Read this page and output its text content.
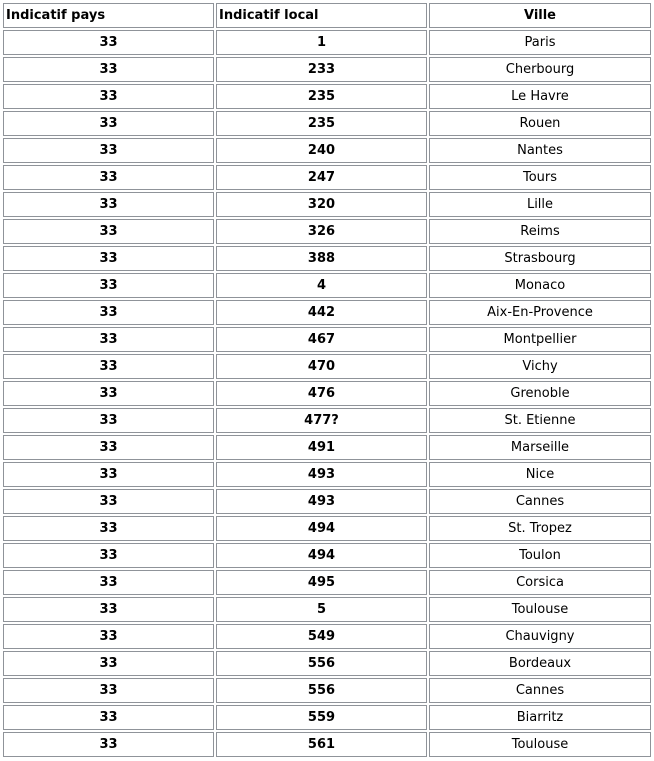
Indicatif pays	Indicatif local	Ville
33	1	Paris
33	233	Cherbourg
33	235	Le Havre
33	235	Rouen
33	240	Nantes
33	247	Tours
33	320	Lille
33	326	Reims
33	388	Strasbourg
33	4	Monaco
33	442	Aix-En-Provence
33	467	Montpellier
33	470	Vichy
33	476	Grenoble
33	477?	St. Etienne
33	491	Marseille
33	493	Nice
33	493	Cannes
33	494	St. Tropez
33	494	Toulon
33	495	Corsica
33	5	Toulouse
33	549	Chauvigny
33	556	Bordeaux
33	556	Cannes
33	559	Biarritz
33	561	Toulouse
